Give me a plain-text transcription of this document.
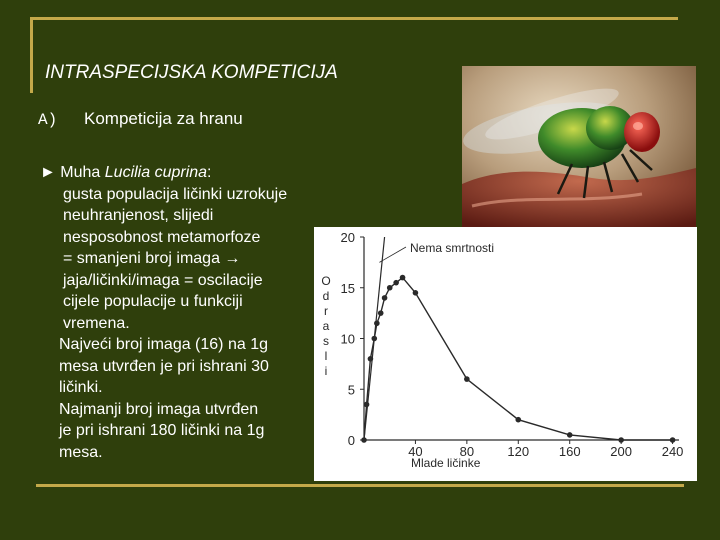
INTRASPECIJSKA KOMPETICIJA
A) Kompeticija za hranu
► Muha Lucilia cuprina:
gusta populacija ličinki uzrokuje
neuhranjenost, slijedi
nesposobnost metamorfoze
= smanjeni broj imaga →
jaja/ličinki/imaga = oscilacije
cijele populacije u funkciji
vremena.
Najveći broj imaga (16) na 1g
mesa utvrđen je pri ishrani 30
ličinki.
Najmanji broj imaga utvrđen
je pri ishrani 180 ličinki na 1g
mesa.
0
5
10
15
20
40	80	120 160 200 240
O
d
r
a
s
l
i
Nema smrtnosti
Mlade ličinke
